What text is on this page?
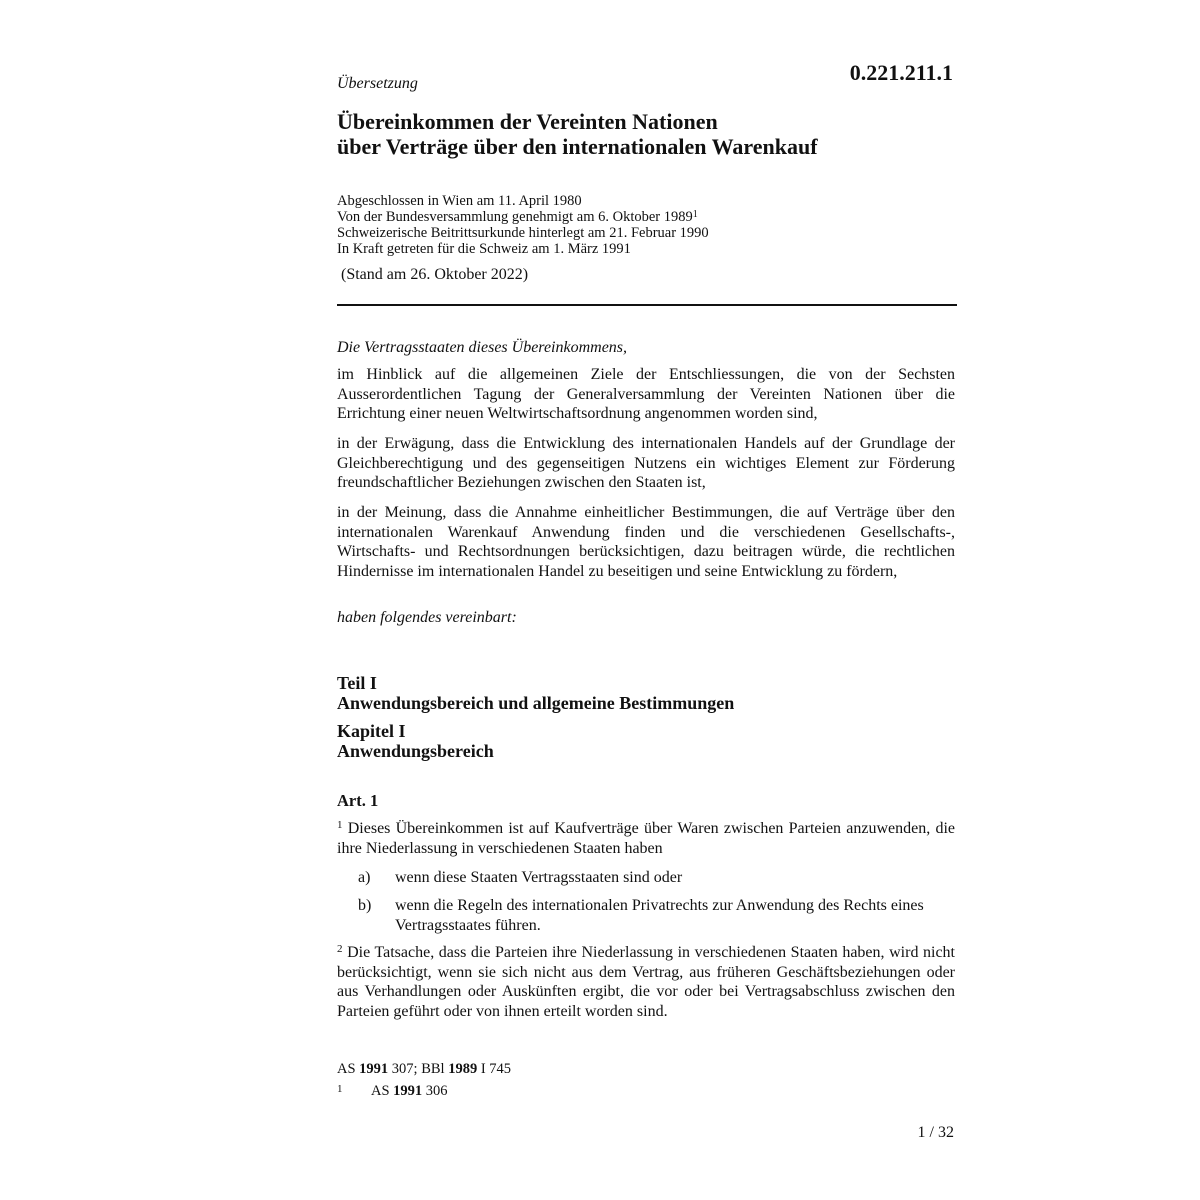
0.221.211.1
Übersetzung
Übereinkommen der Vereinten Nationen
über Verträge über den internationalen Warenkauf
Abgeschlossen in Wien am 11. April 1980
Von der Bundesversammlung genehmigt am 6. Oktober 1989$^1$
Schweizerische Beitrittsurkunde hinterlegt am 21. Februar 1990
In Kraft getreten für die Schweiz am 1. März 1991
(Stand am 26. Oktober 2022)
Die Vertragsstaaten dieses Übereinkommens,
im Hinblick auf die allgemeinen Ziele der Entschliessungen, die von der Sechsten Ausserordentlichen Tagung der Generalversammlung der Vereinten Nationen über die Errichtung einer neuen Weltwirtschaftsordnung angenommen worden sind,
in der Erwägung, dass die Entwicklung des internationalen Handels auf der Grundlage der Gleichberechtigung und des gegenseitigen Nutzens ein wichtiges Element zur Förderung freundschaftlicher Beziehungen zwischen den Staaten ist,
in der Meinung, dass die Annahme einheitlicher Bestimmungen, die auf Verträge über den internationalen Warenkauf Anwendung finden und die verschiedenen Gesellschafts-, Wirtschafts- und Rechtsordnungen berücksichtigen, dazu beitragen würde, die rechtlichen Hindernisse im internationalen Handel zu beseitigen und seine Entwicklung zu fördern,
haben folgendes vereinbart:
Teil I
Anwendungsbereich und allgemeine Bestimmungen
Kapitel I
Anwendungsbereich
Art. 1
$^1$ Dieses Übereinkommen ist auf Kaufverträge über Waren zwischen Parteien anzuwenden, die ihre Niederlassung in verschiedenen Staaten haben
a) wenn diese Staaten Vertragsstaaten sind oder
b) wenn die Regeln des internationalen Privatrechts zur Anwendung des Rechts eines Vertragsstaates führen.
$^2$ Die Tatsache, dass die Parteien ihre Niederlassung in verschiedenen Staaten haben, wird nicht berücksichtigt, wenn sie sich nicht aus dem Vertrag, aus früheren Geschäftsbeziehungen oder aus Verhandlungen oder Auskünften ergibt, die vor oder bei Vertragsabschluss zwischen den Parteien geführt oder von ihnen erteilt worden sind.
AS 1991 307; BBl 1989 I 745
1 AS 1991 306
1 / 32
